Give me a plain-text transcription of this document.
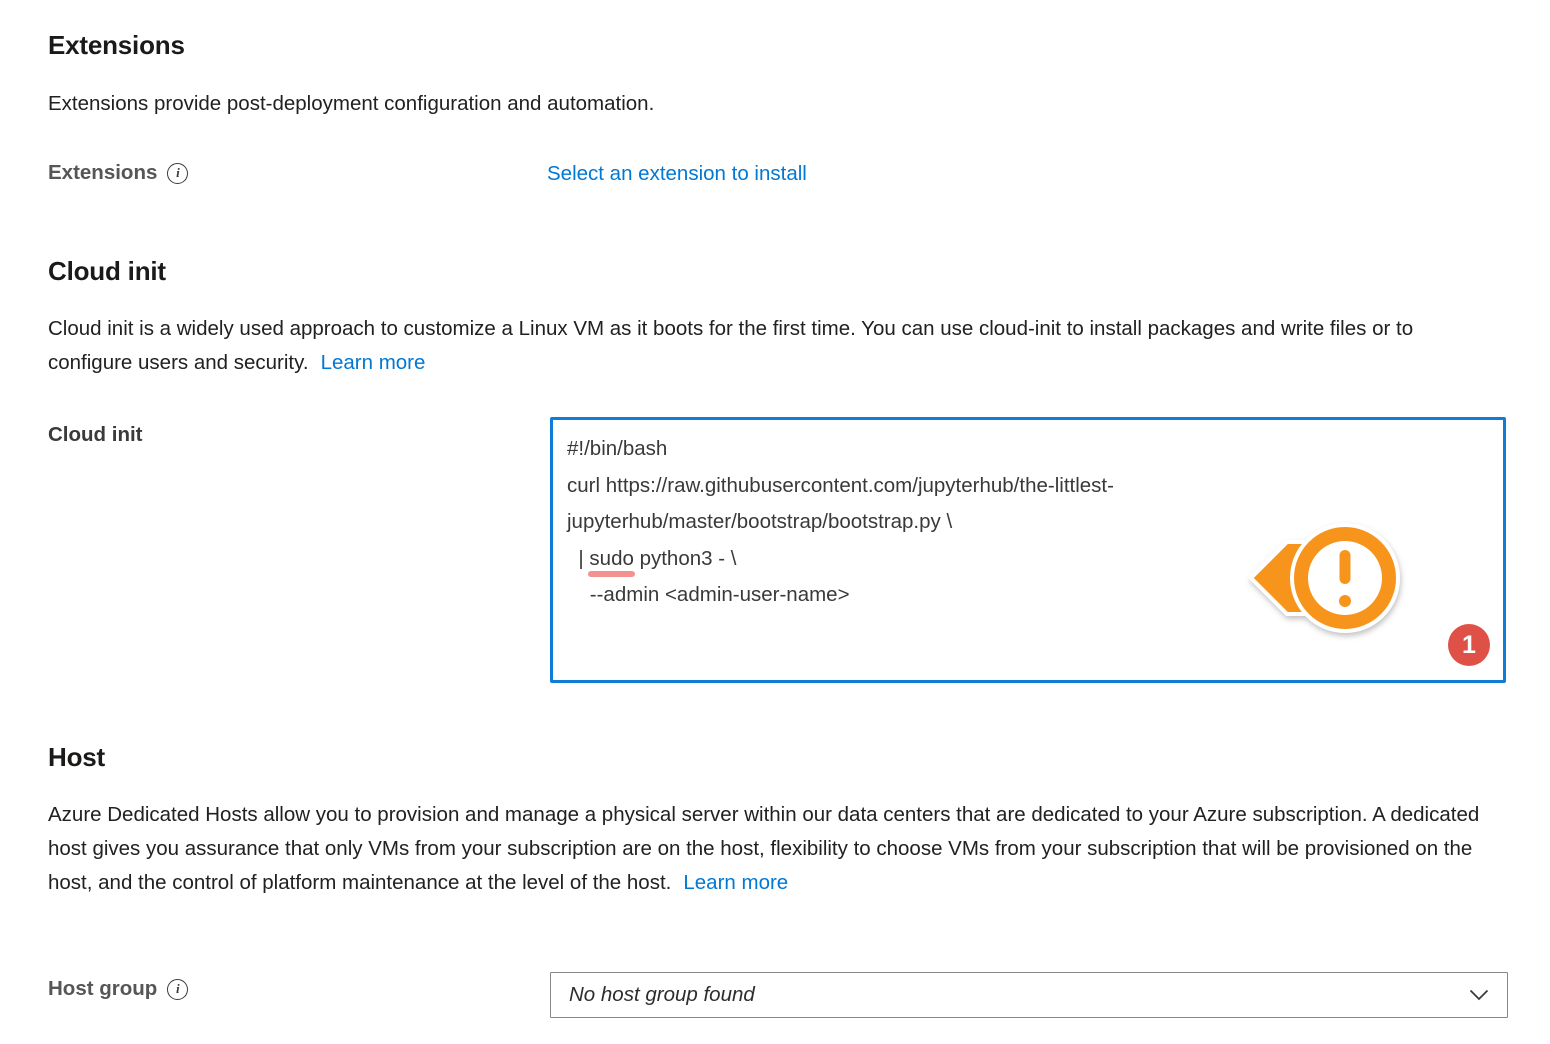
Extensions

Extensions provide post-deployment configuration and automation.

Extensions	i	Select an extension to install
Cloud init

Cloud init is a widely used approach to customize a Linux VM as it boots for the first time. You can use cloud-init to install packages and write files or to configure users and security. Learn more

Cloud init
#!/bin/bash
curl https://raw.githubusercontent.com/jupyterhub/the-littlest-
jupyterhub/master/bootstrap/bootstrap.py \
| sudo python3 - \
--admin <admin-user-name>
1
Host

Azure Dedicated Hosts allow you to provision and manage a physical server within our data centers that are dedicated to your Azure subscription. A dedicated host gives you assurance that only VMs from your subscription are on the host, flexibility to choose VMs from your subscription that will be provisioned on the host, and the control of platform maintenance at the level of the host. Learn more

Host group	i	No host group found
